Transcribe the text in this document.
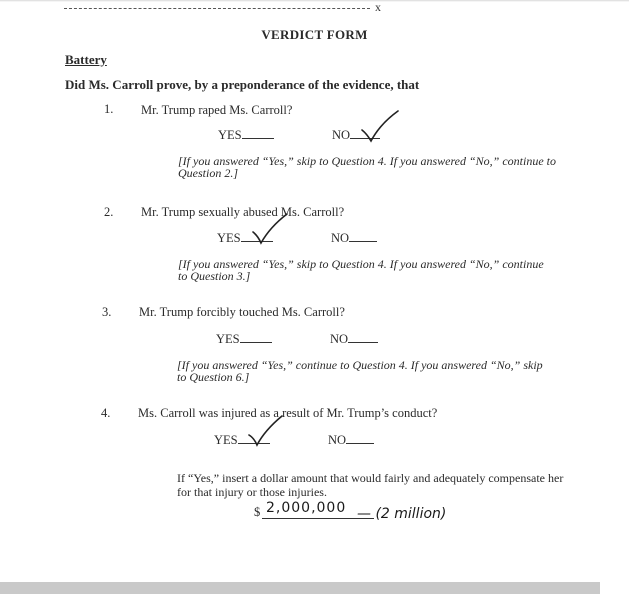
x
VERDICT FORM
Battery
Did Ms. Carroll prove, by a preponderance of the evidence, that
1. Mr. Trump raped Ms. Carroll?
YES	NO
[If you answered “Yes,” skip to Question 4. If you answered “No,” continue to
Question 2.]
2. Mr. Trump sexually abused Ms. Carroll?
YES	NO
[If you answered “Yes,” skip to Question 4. If you answered “No,” continue
to Question 3.]
3. Mr. Trump forcibly touched Ms. Carroll?
YES	NO
[If you answered “Yes,” continue to Question 4. If you answered “No,” skip
to Question 6.]
4. Ms. Carroll was injured as a result of Mr. Trump’s conduct?
YES	NO
If “Yes,” insert a dollar amount that would fairly and adequately compensate her
for that injury or those injuries.
$ 2,000,000 — (2 million)
